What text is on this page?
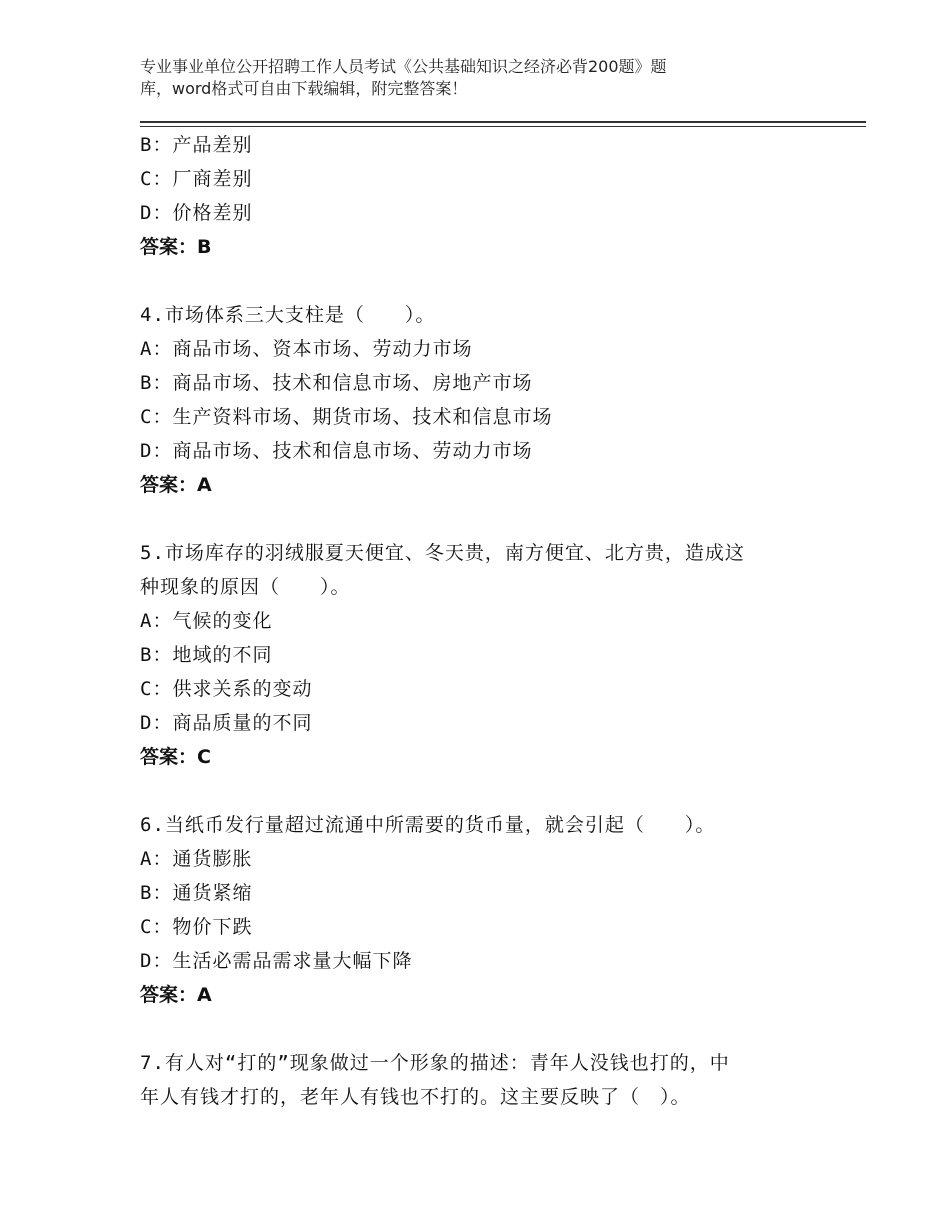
专业事业单位公开招聘工作人员考试《公共基础知识之经济必背200题》题
库，word格式可自由下载编辑，附完整答案！
B：产品差别
C：厂商差别
D：价格差别
答案：B
4.市场体系三大支柱是（　　）。
A：商品市场、资本市场、劳动力市场
B：商品市场、技术和信息市场、房地产市场
C：生产资料市场、期货市场、技术和信息市场
D：商品市场、技术和信息市场、劳动力市场
答案：A
5.市场库存的羽绒服夏天便宜、冬天贵，南方便宜、北方贵，造成这
种现象的原因（　　）。
A：气候的变化
B：地域的不同
C：供求关系的变动
D：商品质量的不同
答案：C
6.当纸币发行量超过流通中所需要的货币量，就会引起（　　）。
A：通货膨胀
B：通货紧缩
C：物价下跌
D：生活必需品需求量大幅下降
答案：A
7.有人对“打的”现象做过一个形象的描述：青年人没钱也打的，中
年人有钱才打的，老年人有钱也不打的。这主要反映了（　）。
